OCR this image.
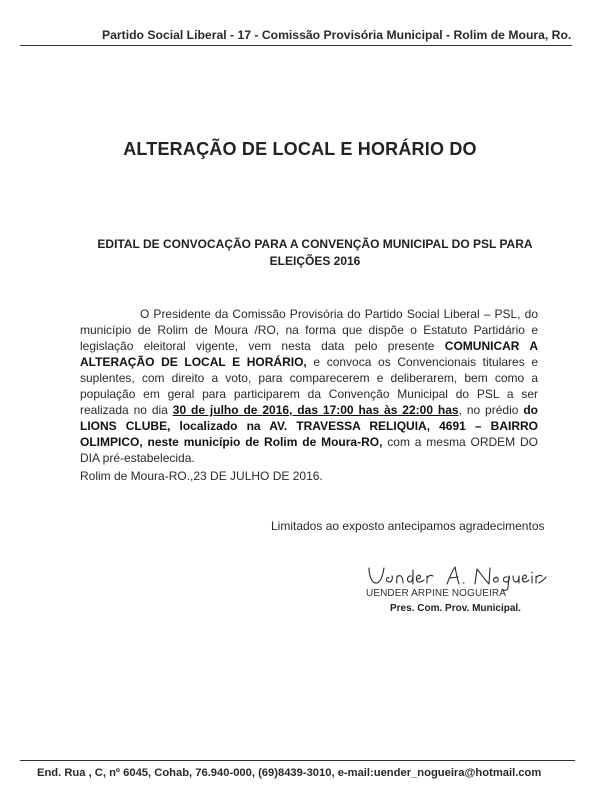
Partido Social Liberal - 17 - Comissão Provisória Municipal - Rolim de Moura, Ro.
ALTERAÇÃO DE LOCAL E HORÁRIO DO
EDITAL DE CONVOCAÇÃO PARA A CONVENÇÃO MUNICIPAL DO PSL PARA
ELEIÇÕES 2016
O Presidente da Comissão Provisória do Partido Social Liberal – PSL, do município de Rolim de Moura /RO, na forma que dispõe o Estatuto Partidário e legislação eleitoral vigente, vem nesta data pelo presente COMUNICAR A ALTERAÇÃO DE LOCAL E HORÁRIO, e convoca os Convencionais titulares e suplentes, com direito a voto, para comparecerem e deliberarem, bem como a população em geral para participarem da Convenção Municipal do PSL a ser realizada no dia 30 de julho de 2016, das 17:00 has às 22:00 has, no prédio do LIONS CLUBE, localizado na AV. TRAVESSA RELIQUIA, 4691 – BAIRRO OLIMPICO, neste município de Rolim de Moura-RO, com a mesma ORDEM DO DIA pré-estabelecida.
Rolim de Moura-RO.,23 DE JULHO DE 2016.
Limitados ao exposto antecipamos agradecimentos
UENDER ARPINE NOGUEIRA
Pres. Com. Prov. Municipal.
End. Rua , C, nº 6045, Cohab, 76.940-000, (69)8439-3010, e-mail:uender_nogueira@hotmail.com
